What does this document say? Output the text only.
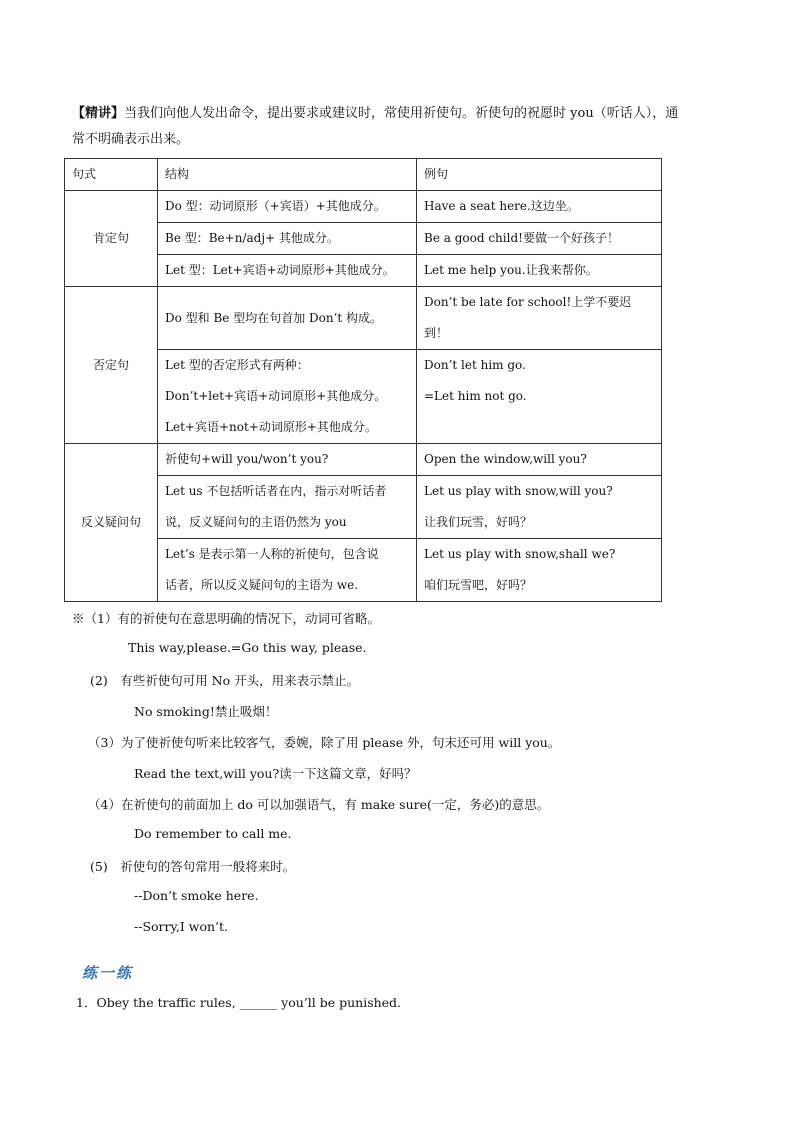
【精讲】当我们向他人发出命令，提出要求或建议时，常使用祈使句。祈使句的祝愿时 you（听话人），通
常不明确表示出来。
句式	结构	例句
肯定句	Do 型：动词原形（+宾语）+其他成分。	Have a seat here.这边坐。
	Be 型：Be+n/adj+ 其他成分。	Be a good child!要做一个好孩子！
	Let 型：Let+宾语+动词原形+其他成分。	Let me help you.让我来帮你。
否定句	Do 型和 Be 型均在句首加 Don’t 构成。	Don’t be late for school!上学不要迟到！

	Let 型的否定形式有两种：
Don’t+let+宾语+动词原形+其他成分。
Let+宾语+not+动词原形+其他成分。	Don’t let him go.
=Let him not go.

反义疑问句	祈使句+will you/won’t you?	Open the window,will you?

	Let us 不包括听话者在内，指示对听话者
说，反义疑问句的主语仍然为 you	Let us play with snow,will you?
让我们玩雪，好吗？

	Let’s 是表示第一人称的祈使句，包含说
话者，所以反义疑问句的主语为 we.	Let us play with snow,shall we?
咱们玩雪吧，好吗？
※（1）有的祈使句在意思明确的情况下，动词可省略。
This way,please.=Go this way, please.
(2)　有些祈使句可用 No 开头，用来表示禁止。
No smoking!禁止吸烟！
（3）为了使祈使句听来比较客气，委婉，除了用 please 外，句末还可用 will you。
Read the text,will you?读一下这篇文章，好吗？
（4）在祈使句的前面加上 do 可以加强语气，有 make sure(一定，务必)的意思。
Do remember to call me.
(5)　祈使句的答句常用一般将来时。
--Don’t smoke here.
--Sorry,I won’t.
练一练
1．Obey the traffic rules, ______ you’ll be punished.
